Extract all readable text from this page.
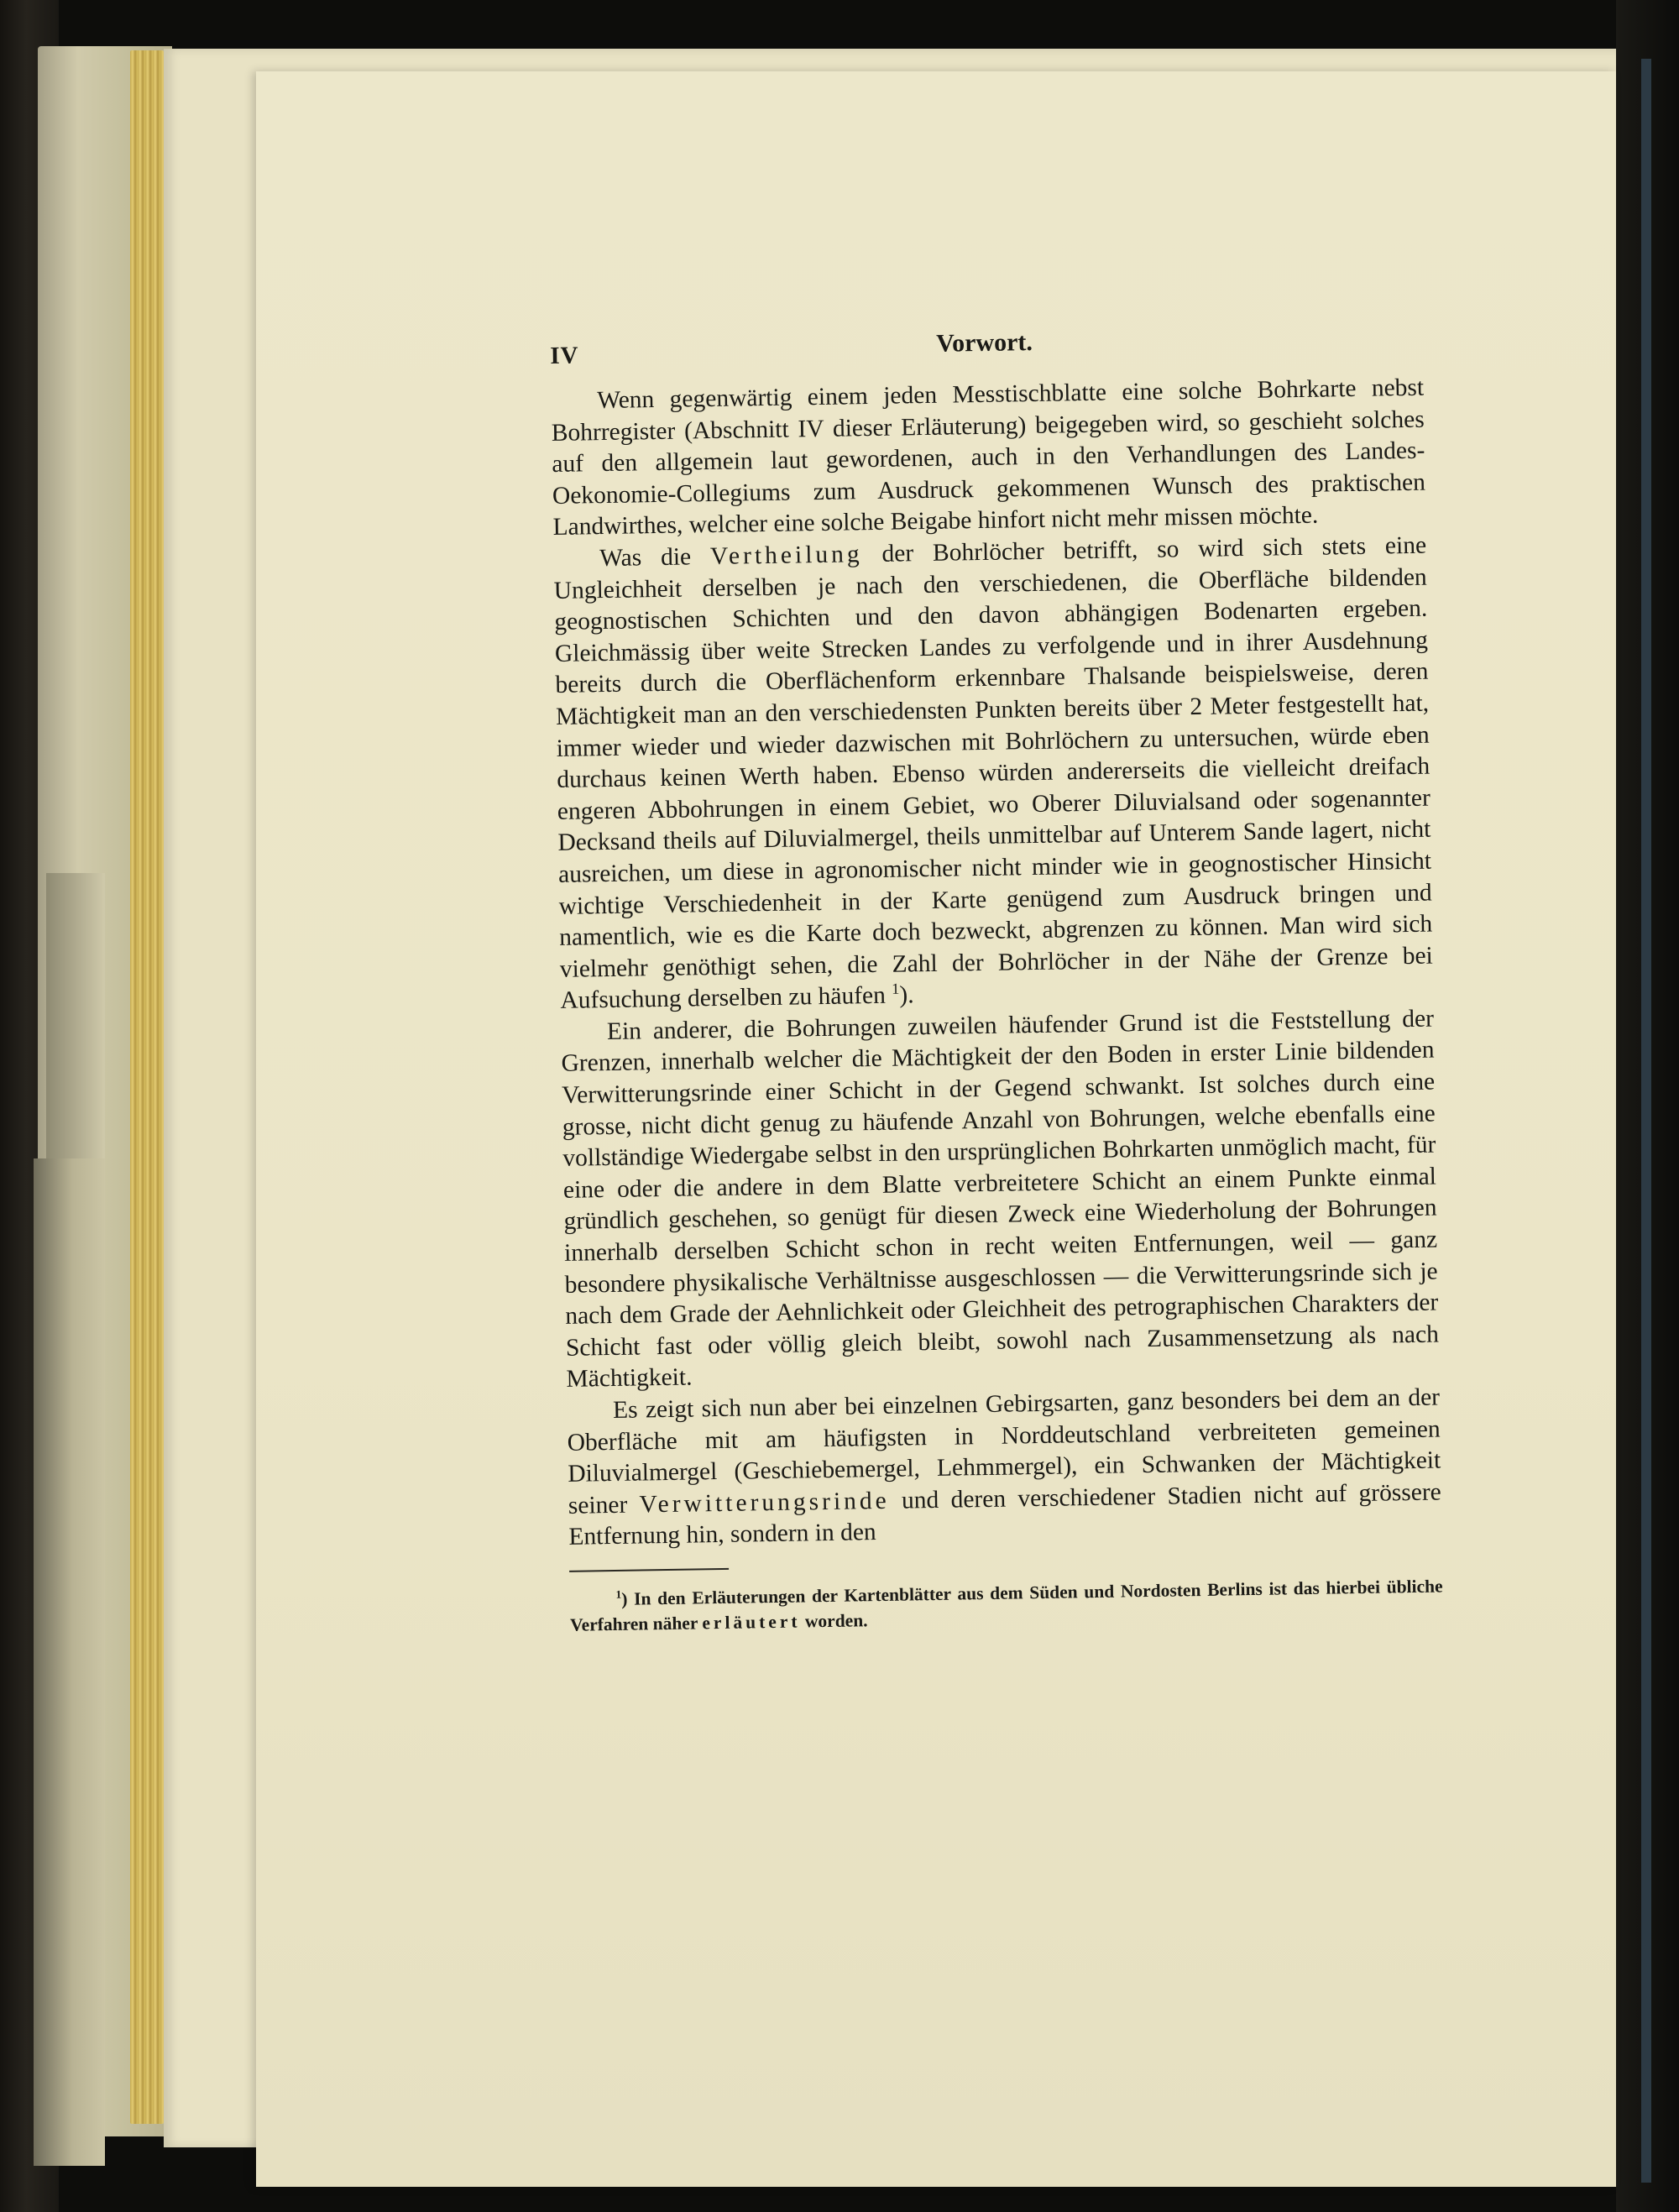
IV	Vorwort.

Wenn gegenwärtig einem jeden Messtischblatte eine solche Bohrkarte nebst Bohrregister (Abschnitt IV dieser Erläuterung) beigegeben wird, so geschieht solches auf den allgemein laut gewordenen, auch in den Verhandlungen des Landes-Oekonomie-Collegiums zum Ausdruck gekommenen Wunsch des praktischen Landwirthes, welcher eine solche Beigabe hinfort nicht mehr missen möchte.

Was die Vertheilung der Bohrlöcher betrifft, so wird sich stets eine Ungleichheit derselben je nach den verschiedenen, die Oberfläche bildenden geognostischen Schichten und den davon abhängigen Bodenarten ergeben. Gleichmässig über weite Strecken Landes zu verfolgende und in ihrer Ausdehnung bereits durch die Oberflächenform erkennbare Thalsande beispielsweise, deren Mächtigkeit man an den verschiedensten Punkten bereits über 2 Meter festgestellt hat, immer wieder und wieder dazwischen mit Bohrlöchern zu untersuchen, würde eben durchaus keinen Werth haben. Ebenso würden andererseits die vielleicht dreifach engeren Abbohrungen in einem Gebiet, wo Oberer Diluvialsand oder sogenannter Decksand theils auf Diluvialmergel, theils unmittelbar auf Unterem Sande lagert, nicht ausreichen, um diese in agronomischer nicht minder wie in geognostischer Hinsicht wichtige Verschiedenheit in der Karte genügend zum Ausdruck bringen und namentlich, wie es die Karte doch bezweckt, abgrenzen zu können. Man wird sich vielmehr genöthigt sehen, die Zahl der Bohrlöcher in der Nähe der Grenze bei Aufsuchung derselben zu häufen $^1$).

Ein anderer, die Bohrungen zuweilen häufender Grund ist die Feststellung der Grenzen, innerhalb welcher die Mächtigkeit der den Boden in erster Linie bildenden Verwitterungsrinde einer Schicht in der Gegend schwankt. Ist solches durch eine grosse, nicht dicht genug zu häufende Anzahl von Bohrungen, welche ebenfalls eine vollständige Wiedergabe selbst in den ursprünglichen Bohrkarten unmöglich macht, für eine oder die andere in dem Blatte verbreitetere Schicht an einem Punkte einmal gründlich geschehen, so genügt für diesen Zweck eine Wiederholung der Bohrungen innerhalb derselben Schicht schon in recht weiten Entfernungen, weil — ganz besondere physikalische Verhältnisse ausgeschlossen — die Verwitterungsrinde sich je nach dem Grade der Aehnlichkeit oder Gleichheit des petrographischen Charakters der Schicht fast oder völlig gleich bleibt, sowohl nach Zusammensetzung als nach Mächtigkeit.

Es zeigt sich nun aber bei einzelnen Gebirgsarten, ganz besonders bei dem an der Oberfläche mit am häufigsten in Norddeutschland verbreiteten gemeinen Diluvialmergel (Geschiebemergel, Lehmmergel), ein Schwanken der Mächtigkeit seiner Verwitterungsrinde und deren verschiedener Stadien nicht auf grössere Entfernung hin, sondern in den

$^1$) In den Erläuterungen der Kartenblätter aus dem Süden und Nordosten Berlins ist das hierbei übliche Verfahren näher erläutert worden.
